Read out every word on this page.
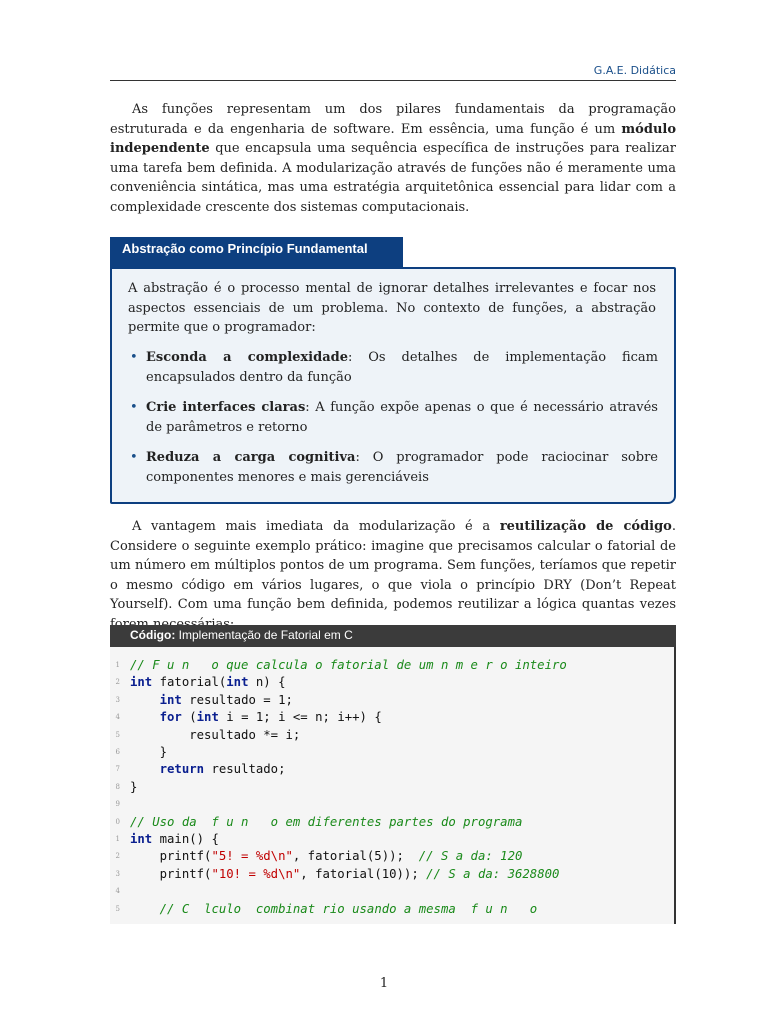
G.A.E. Didática

As funções representam um dos pilares fundamentais da programação estruturada e da engenharia de software. Em essência, uma função é um módulo independente que encapsula uma sequência específica de instruções para realizar uma tarefa bem definida. A modularização através de funções não é meramente uma conveniência sintática, mas uma estratégia arquitetônica essencial para lidar com a complexidade crescente dos sistemas computacionais.

Abstração como Princípio Fundamental

A abstração é o processo mental de ignorar detalhes irrelevantes e focar nos aspectos essenciais de um problema. No contexto de funções, a abstração permite que o programador:

• Esconda a complexidade: Os detalhes de implementação ficam encapsulados dentro da função
• Crie interfaces claras: A função expõe apenas o que é necessário através de parâmetros e retorno
• Reduza a carga cognitiva: O programador pode raciocinar sobre componentes menores e mais gerenciáveis

A vantagem mais imediata da modularização é a reutilização de código. Considere o seguinte exemplo prático: imagine que precisamos calcular o fatorial de um número em múltiplos pontos de um programa. Sem funções, teríamos que repetir o mesmo código em vários lugares, o que viola o princípio DRY (Don’t Repeat Yourself). Com uma função bem definida, podemos reutilizar a lógica quantas vezes

Código: Implementação de Fatorial em C
1 // F u n   o que calcula o fatorial de um n m e r o inteiro
2 int fatorial(int n) {
3	int resultado = 1;
4	for (int i = 1; i <= n; i++) {
5 resultado *= i;
6 }
7	return resultado;
8 }
9
0 // Uso da  f u n   o em diferentes partes do programa
1 int main() {
2 printf("5! = %d\n", fatorial(5));  // S a da: 120
3 printf("10! = %d\n", fatorial(10)); // S a da: 3628800
4
5	// C  lculo  combinat rio usando a mesma  f u n   o
1
